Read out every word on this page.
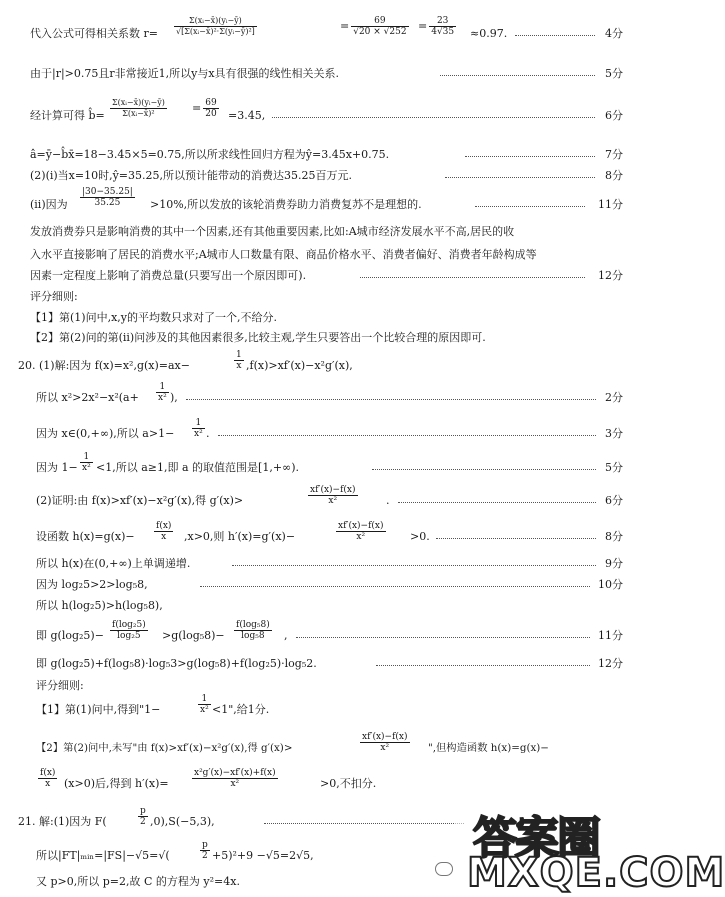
代入公式可得相关系数 $r= \frac{\text{Σ(xᵢ−x̄)(yᵢ−ȳ)}}{\text{√[Σ(xᵢ−x̄)²·Σ(yᵢ−ȳ)²]}}$	= $\frac{69}{√20 \times √252} = \frac{23}{4√35} \approx 0.97$.	4分
由于|r|>0.75且r非常接近1,所以y与x具有很强的线性相关关系.	5分
经计算可得 b̂= $\frac{\text{Σ(xᵢ−x̄)(yᵢ−ȳ)}}{\text{Σ(xᵢ−x̄)²}} = \frac{69}{20} =3.45$,	6分
â=ȳ−b̂x̄=18−3.45×5=0.75,所以所求线性回归方程为ŷ=3.45x+0.75.	7分
(2)(i)当x=10时,ŷ=35.25,所以预计能带动的消费达35.25百万元.	8分
(ii)因为 $\frac{|30-35.25|}{35.25} >10\%$,所以发放的该轮消费券助力消费复苏不是理想的.	11分
发放消费券只是影响消费的其中一个因素,还有其他重要因素,比如:A城市经济发展水平不高,居民的收
入水平直接影响了居民的消费水平;A城市人口数量有限、商品价格水平、消费者偏好、消费者年龄构成等
因素一定程度上影响了消费总量(只要写出一个原因即可).	12分
评分细则:
【1】第(1)问中,x,y的平均数只求对了一个,不给分.
【2】第(2)问的第(ii)问涉及的其他因素很多,比较主观,学生只要答出一个比较合理的原因即可.
20. (1)解:因为 f(x)=x²,g(x)=ax−	$\frac{1}{x} ,f(x)>xf'(x)-x^2g'(x)$,
所以 $x^2>2x^2-x^2(a+ \frac{1}{\text{x²}}$ ),	2分
因为 x∈(0,+∞),所以 $a>1- \frac{1}{\text{x²}}$ .	3分
因为 $1- \frac{1}{\text{x²}} <1$,所以 a≥1,即 a 的取值范围是[1,+∞).	5分
(2)证明:由 f(x)>xf′(x)−x²g′(x),得 g′(x)>	$\frac{xf'(x)-f(x)}{\text{x²}}$	.	6分
设函数 $h(x)=g(x)- \frac{f(x)}{x} ,x>0$,则 h′(x)=g′(x)−	$\frac{xf'(x)-f(x)}{\text{x²}} >0$.	8分
所以 h(x)在(0,+∞)上单调递增.	9分
因为 log₂5>2>log₅8,	10分
所以 h(log₂5)>h(log₅8),
即 $g(\log_25)- \frac{\text{f(log₂5)}}{\text{log₂5}} >g(\log_58)- \frac{\text{f(log₅8)}}{\text{log₅8}}$ ,	11分
即 g(log₂5)+f(log₅8)·log₅3>g(log₅8)+f(log₂5)·log₅2.	12分
评分细则:
【1】第(1)问中,得到"1−	$\frac{1}{\text{x²}} <1$",给1分.
【2】第(2)问中,未写"由 f(x)>xf′(x)−x²g′(x),得 g′(x)>	$\frac{xf'(x)-f(x)}{\text{x²}}$ ",但构造函数 h(x)=g(x)−
$\frac{f(x)}{x} (x>0)$后,得到 h′(x)=	$\frac{\text{x²g′(x)−xf′(x)+f(x)}}{\text{x²}}$	>0,不扣分.
21. 解:(1)因为 F(	$\frac{p}{2} ,0),S(-5,3)$,
所以|FT|ₘᵢₙ=|FS|−√5=√(	$\frac{p}{2} +5)^2+9 -√5=2√5$,
又 p>0,所以 p=2,故 C 的方程为 y²=4x.
答案圈
MXQE.COM
